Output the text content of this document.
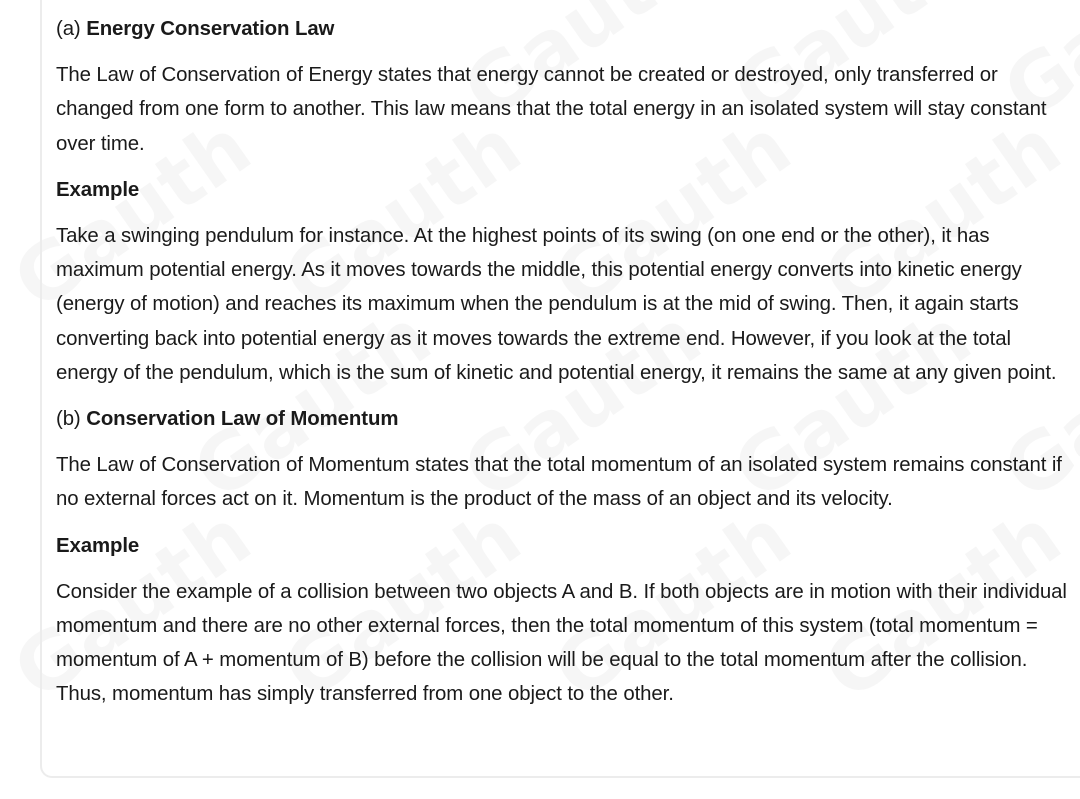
(a) Energy Conservation Law
The Law of Conservation of Energy states that energy cannot be created or destroyed, only transferred or changed from one form to another. This law means that the total energy in an isolated system will stay constant over time.
Example
Take a swinging pendulum for instance. At the highest points of its swing (on one end or the other), it has maximum potential energy. As it moves towards the middle, this potential energy converts into kinetic energy (energy of motion) and reaches its maximum when the pendulum is at the mid of swing. Then, it again starts converting back into potential energy as it moves towards the extreme end. However, if you look at the total energy of the pendulum, which is the sum of kinetic and potential energy, it remains the same at any given point.
(b) Conservation Law of Momentum
The Law of Conservation of Momentum states that the total momentum of an isolated system remains constant if no external forces act on it. Momentum is the product of the mass of an object and its velocity.
Example
Consider the example of a collision between two objects A and B. If both objects are in motion with their individual momentum and there are no other external forces, then the total momentum of this system (total momentum = momentum of A + momentum of B) before the collision will be equal to the total momentum after the collision. Thus, momentum has simply transferred from one object to the other.
